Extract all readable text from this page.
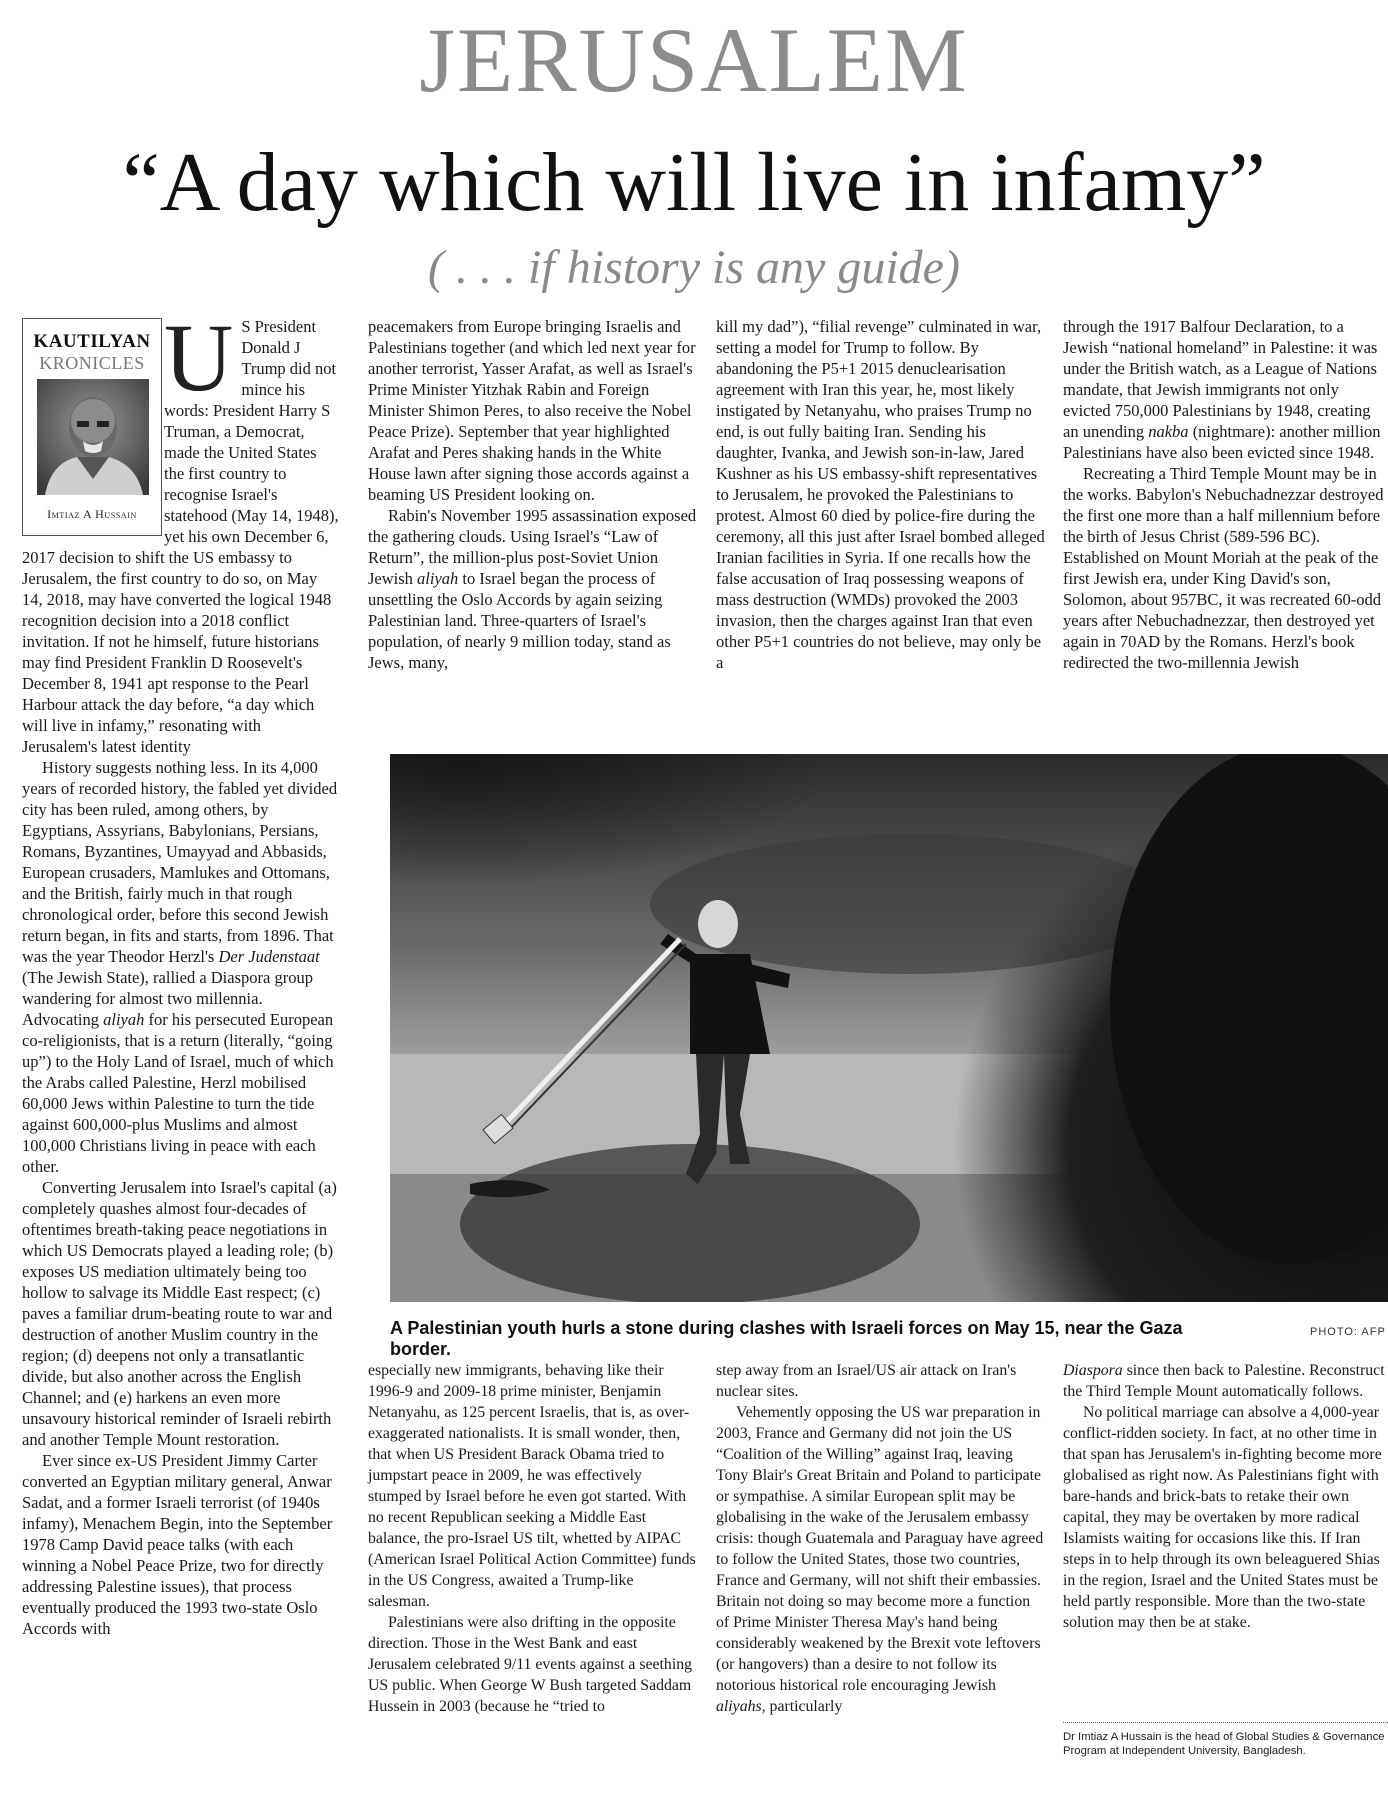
JERUSALEM
“A day which will live in infamy”
( . . . if history is any guide)
KAUTILYAN
KRONICLES
Imtiaz A Hussain

U S President Donald J Trump did not mince his words: President Harry S Truman, a Democrat, made the United States the first country to recognise Israel's statehood (May 14, 1948), yet his own December 6, 2017 decision to shift the US embassy to Jerusalem, the first country to do so, on May 14, 2018, may have converted the logical 1948 recognition decision into a 2018 conflict invitation. If not he himself, future historians may find President Franklin D Roosevelt's December 8, 1941 apt response to the Pearl Harbour attack the day before, “a day which will live in infamy,” resonating with Jerusalem's latest identity

History suggests nothing less. In its 4,000 years of recorded history, the fabled yet divided city has been ruled, among others, by Egyptians, Assyrians, Babylonians, Persians, Romans, Byzantines, Umayyad and Abbasids, European crusaders, Mamlukes and Ottomans, and the British, fairly much in that rough chronological order, before this second Jewish return began, in fits and starts, from 1896. That was the year Theodor Herzl's Der Judenstaat (The Jewish State), rallied a Diaspora group wandering for almost two millennia. Advocating aliyah for his persecuted European co-religionists, that is a return (literally, “going up”) to the Holy Land of Israel, much of which the Arabs called Palestine, Herzl mobilised 60,000 Jews within Palestine to turn the tide against 600,000-plus Muslims and almost 100,000 Christians living in peace with each other.

Converting Jerusalem into Israel's capital (a) completely quashes almost four-decades of oftentimes breath-taking peace negotiations in which US Democrats played a leading role; (b) exposes US mediation ultimately being too hollow to salvage its Middle East respect; (c) paves a familiar drum-beating route to war and destruction of another Muslim country in the region; (d) deepens not only a transatlantic divide, but also another across the English Channel; and (e) harkens an even more unsavoury historical reminder of Israeli rebirth and another Temple Mount restoration.

Ever since ex-US President Jimmy Carter converted an Egyptian military general, Anwar Sadat, and a former Israeli terrorist (of 1940s infamy), Menachem Begin, into the September 1978 Camp David peace talks (with each winning a Nobel Peace Prize, two for directly addressing Palestine issues), that process eventually produced the 1993 two-state Oslo Accords with

peacemakers from Europe bringing Israelis and Palestinians together (and which led next year for another terrorist, Yasser Arafat, as well as Israel's Prime Minister Yitzhak Rabin and Foreign Minister Shimon Peres, to also receive the Nobel Peace Prize). September that year highlighted Arafat and Peres shaking hands in the White House lawn after signing those accords against a beaming US President looking on.

Rabin's November 1995 assassination exposed the gathering clouds. Using Israel's “Law of Return”, the million-plus post-Soviet Union Jewish aliyah to Israel began the process of unsettling the Oslo Accords by again seizing Palestinian land. Three-quarters of Israel's population, of nearly 9 million today, stand as Jews, many,

kill my dad”), “filial revenge” culminated in war, setting a model for Trump to follow. By abandoning the P5+1 2015 denuclearisation agreement with Iran this year, he, most likely instigated by Netanyahu, who praises Trump no end, is out fully baiting Iran. Sending his daughter, Ivanka, and Jewish son-in-law, Jared Kushner as his US embassy-shift representatives to Jerusalem, he provoked the Palestinians to protest. Almost 60 died by police-fire during the ceremony, all this just after Israel bombed alleged Iranian facilities in Syria. If one recalls how the false accusation of Iraq possessing weapons of mass destruction (WMDs) provoked the 2003 invasion, then the charges against Iran that even other P5+1 countries do not believe, may only be a

through the 1917 Balfour Declaration, to a Jewish “national homeland” in Palestine: it was under the British watch, as a League of Nations mandate, that Jewish immigrants not only evicted 750,000 Palestinians by 1948, creating an unending nakba (nightmare): another million Palestinians have also been evicted since 1948.

Recreating a Third Temple Mount may be in the works. Babylon's Nebuchadnezzar destroyed the first one more than a half millennium before the birth of Jesus Christ (589-596 BC). Established on Mount Moriah at the peak of the first Jewish era, under King David's son, Solomon, about 957BC, it was recreated 60-odd years after Nebuchadnezzar, then destroyed yet again in 70AD by the Romans. Herzl's book redirected the two-millennia Jewish

A Palestinian youth hurls a stone during clashes with Israeli forces on May 15, near the Gaza border.
PHOTO: AFP

especially new immigrants, behaving like their 1996-9 and 2009-18 prime minister, Benjamin Netanyahu, as 125 percent Israelis, that is, as over-exaggerated nationalists. It is small wonder, then, that when US President Barack Obama tried to jumpstart peace in 2009, he was effectively stumped by Israel before he even got started. With no recent Republican seeking a Middle East balance, the pro-Israel US tilt, whetted by AIPAC (American Israel Political Action Committee) funds in the US Congress, awaited a Trump-like salesman.

Palestinians were also drifting in the opposite direction. Those in the West Bank and east Jerusalem celebrated 9/11 events against a seething US public. When George W Bush targeted Saddam Hussein in 2003 (because he “tried to

step away from an Israel/US air attack on Iran's nuclear sites.

Vehemently opposing the US war preparation in 2003, France and Germany did not join the US “Coalition of the Willing” against Iraq, leaving Tony Blair's Great Britain and Poland to participate or sympathise. A similar European split may be globalising in the wake of the Jerusalem embassy crisis: though Guatemala and Paraguay have agreed to follow the United States, those two countries, France and Germany, will not shift their embassies. Britain not doing so may become more a function of Prime Minister Theresa May's hand being considerably weakened by the Brexit vote leftovers (or hangovers) than a desire to not follow its notorious historical role encouraging Jewish aliyahs, particularly

Diaspora since then back to Palestine. Reconstruct the Third Temple Mount automatically follows.

No political marriage can absolve a 4,000-year conflict-ridden society. In fact, at no other time in that span has Jerusalem's in-fighting become more globalised as right now. As Palestinians fight with bare-hands and brick-bats to retake their own capital, they may be overtaken by more radical Islamists waiting for occasions like this. If Iran steps in to help through its own beleaguered Shias in the region, Israel and the United States must be held partly responsible. More than the two-state solution may then be at stake.

Dr Imtiaz A Hussain is the head of Global Studies & Governance Program at Independent University, Bangladesh.
